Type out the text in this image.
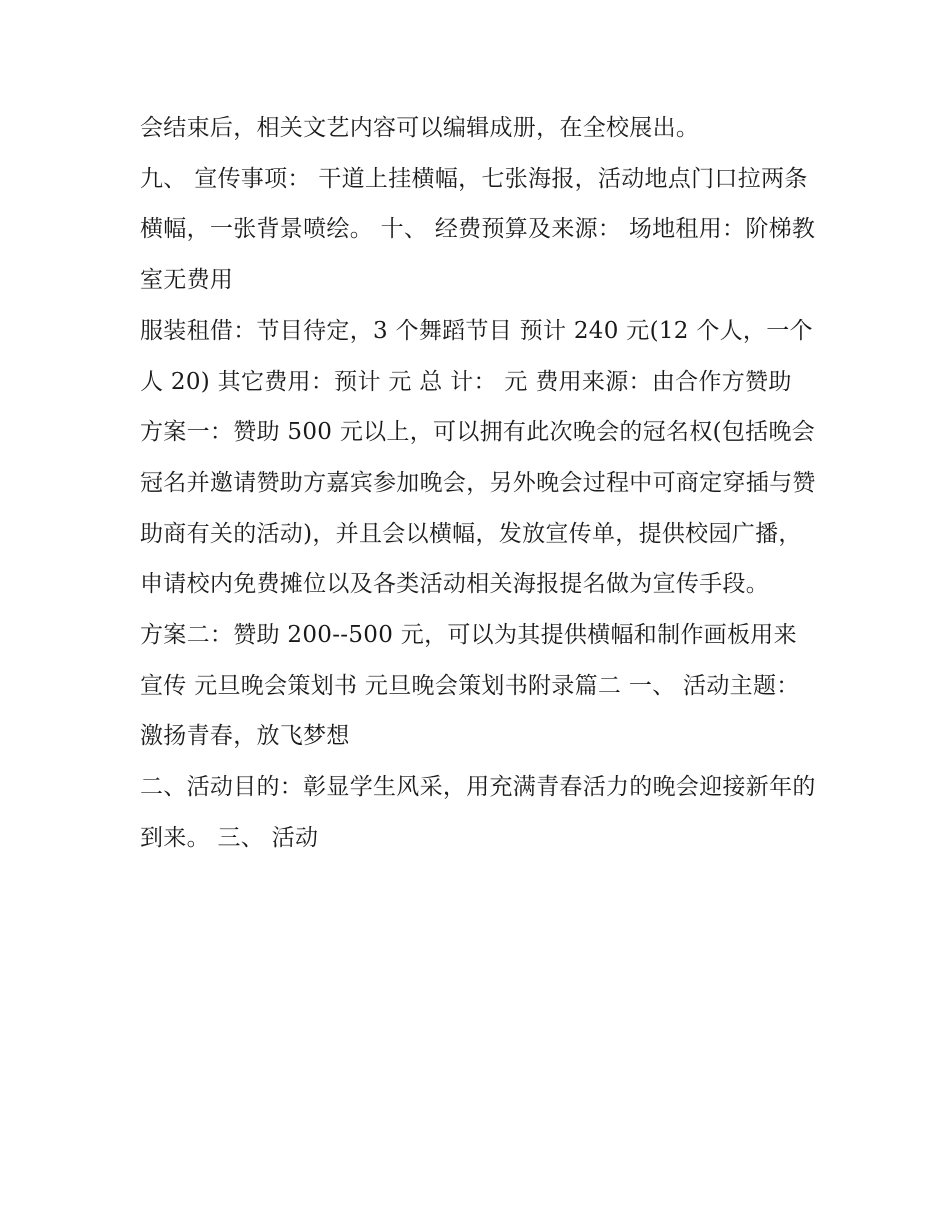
会结束后，相关文艺内容可以编辑成册，在全校展出。

九、 宣传事项： 干道上挂横幅，七张海报，活动地点门口拉两条横幅，一张背景喷绘。 十、 经费预算及来源： 场地租用：阶梯教室无费用

服装租借：节目待定，3 个舞蹈节目 预计 240 元(12 个人，一个人 20) 其它费用：预计 元 总 计： 元 费用来源：由合作方赞助

方案一：赞助 500 元以上，可以拥有此次晚会的冠名权(包括晚会冠名并邀请赞助方嘉宾参加晚会，另外晚会过程中可商定穿插与赞助商有关的活动)，并且会以横幅，发放宣传单，提供校园广播，申请校内免费摊位以及各类活动相关海报提名做为宣传手段。

方案二：赞助 200--500 元，可以为其提供横幅和制作画板用来宣传 元旦晚会策划书 元旦晚会策划书附录篇二 一、 活动主题：激扬青春，放飞梦想

二、活动目的：彰显学生风采，用充满青春活力的晚会迎接新年的到来。 三、 活动
